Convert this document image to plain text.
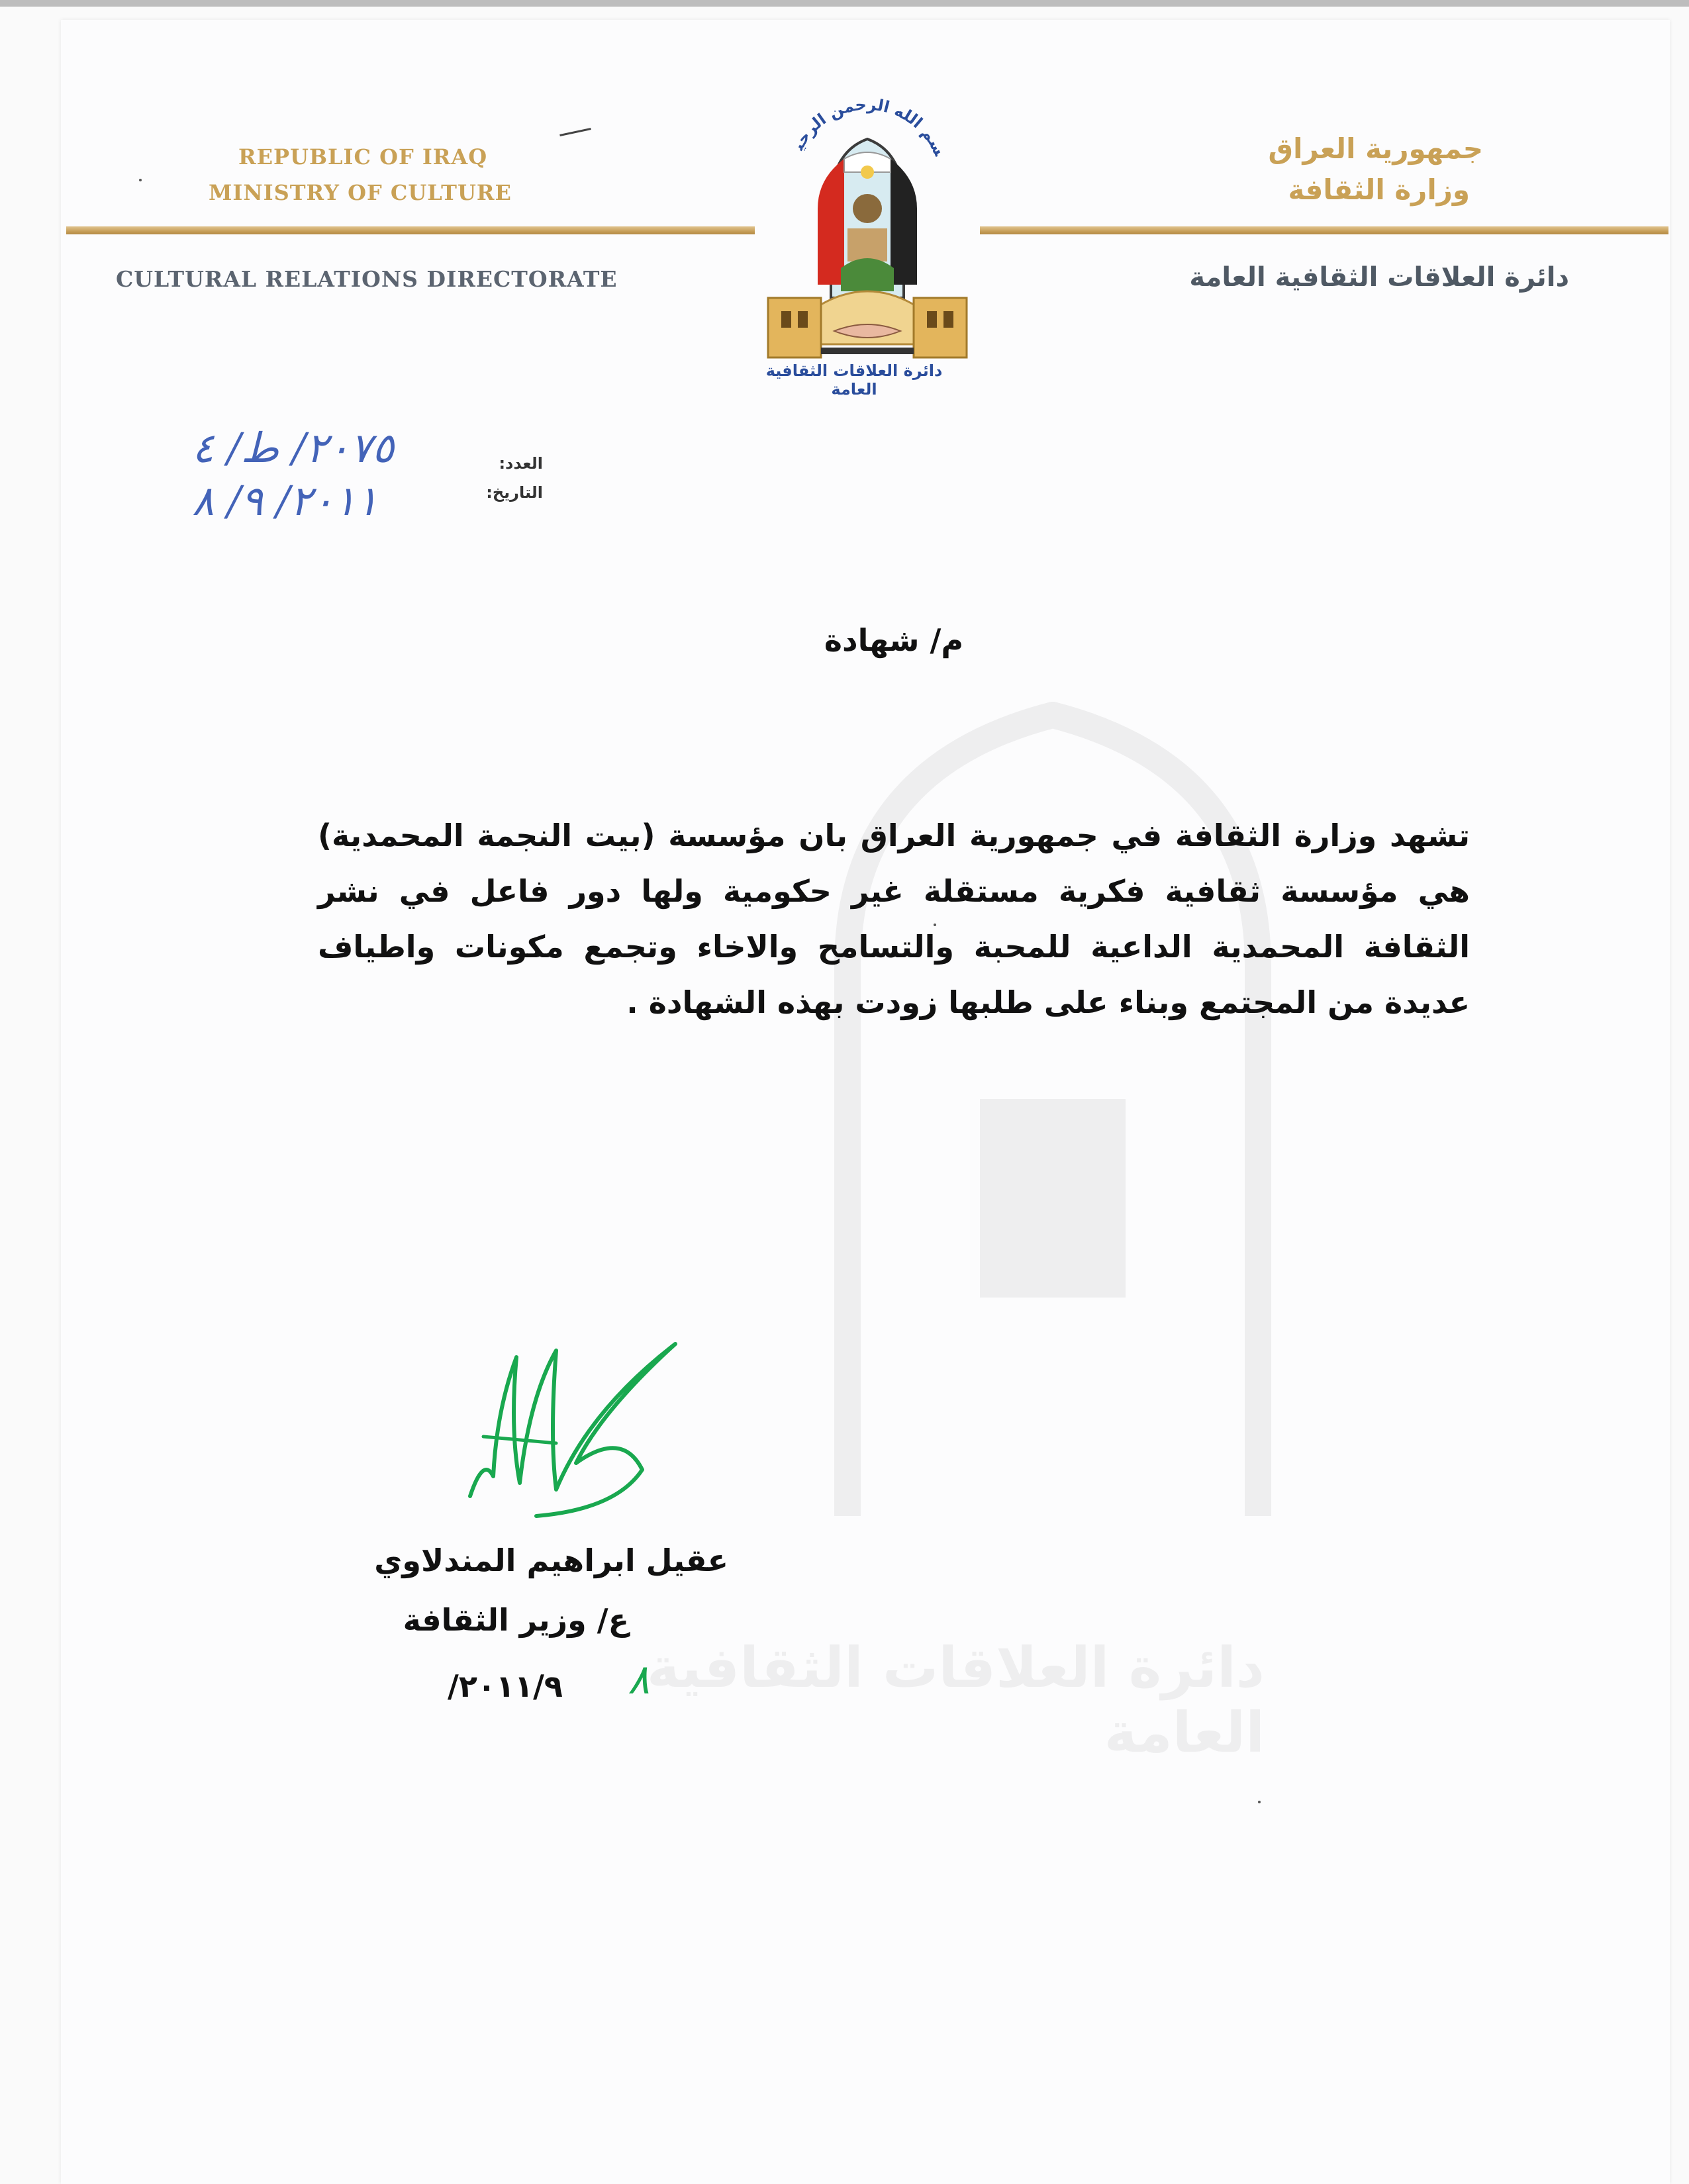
REPUBLIC OF IRAQ
MINISTRY OF CULTURE
CULTURAL RELATIONS DIRECTORATE
جمهورية العراق
وزارة الثقافة
دائرة العلاقات الثقافية العامة
سم الله الرحمن الرحي
دائرة العلاقات الثقافية العامة
العدد:
التاريخ:
٢٠٧٥/ ط/ ٤
٢٠١١/ ٩/ ٨
دائرة العلاقات الثقافية العامة
م/ شهادة
تشهد وزارة الثقافة في جمهورية العراق بان مؤسسة (بيت النجمة المحمدية) هي مؤسسة ثقافية فكرية مستقلة غير حكومية ولها دور فاعل في نشر الثقافة المحمدية الداعية للمحبة والتسامح والاخاء وتجمع مكونات واطياف عديدة من المجتمع وبناء على طلبها زودت بهذه الشهادة .
عقيل ابراهيم المندلاوي
ع/ وزير الثقافة
٢٠١١/٩/ ٨
